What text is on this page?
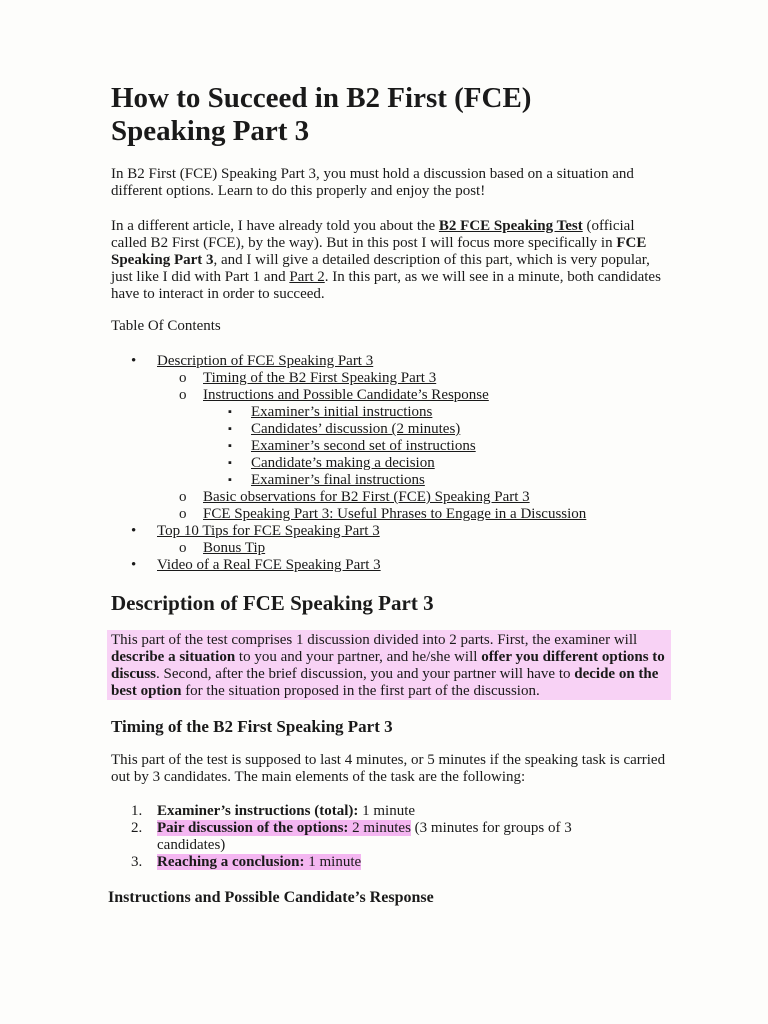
How to Succeed in B2 First (FCE)
Speaking Part 3

In B2 First (FCE) Speaking Part 3, you must hold a discussion based on a situation and different options. Learn to do this properly and enjoy the post!

In a different article, I have already told you about the B2 FCE Speaking Test (official called B2 First (FCE), by the way). But in this post I will focus more specifically in FCE Speaking Part 3, and I will give a detailed description of this part, which is very popular, just like I did with Part 1 and Part 2. In this part, as we will see in a minute, both candidates have to interact in order to succeed.

Table Of Contents

• Description of FCE Speaking Part 3
o Timing of the B2 First Speaking Part 3
o Instructions and Possible Candidate’s Response
▪ Examiner’s initial instructions
▪ Candidates’ discussion (2 minutes)
▪ Examiner’s second set of instructions
▪ Candidate’s making a decision
▪ Examiner’s final instructions
o Basic observations for B2 First (FCE) Speaking Part 3
o FCE Speaking Part 3: Useful Phrases to Engage in a Discussion
• Top 10 Tips for FCE Speaking Part 3
o Bonus Tip
• Video of a Real FCE Speaking Part 3
Description of FCE Speaking Part 3

This part of the test comprises 1 discussion divided into 2 parts. First, the examiner will describe a situation to you and your partner, and he/she will offer you different options to discuss. Second, after the brief discussion, you and your partner will have to decide on the best option for the situation proposed in the first part of the discussion.

Timing of the B2 First Speaking Part 3

This part of the test is supposed to last 4 minutes, or 5 minutes if the speaking task is carried out by 3 candidates. The main elements of the task are the following:

1. Examiner’s instructions (total): 1 minute
2. Pair discussion of the options: 2 minutes (3 minutes for groups of 3 candidates)
3. Reaching a conclusion: 1 minute
Instructions and Possible Candidate’s Response
